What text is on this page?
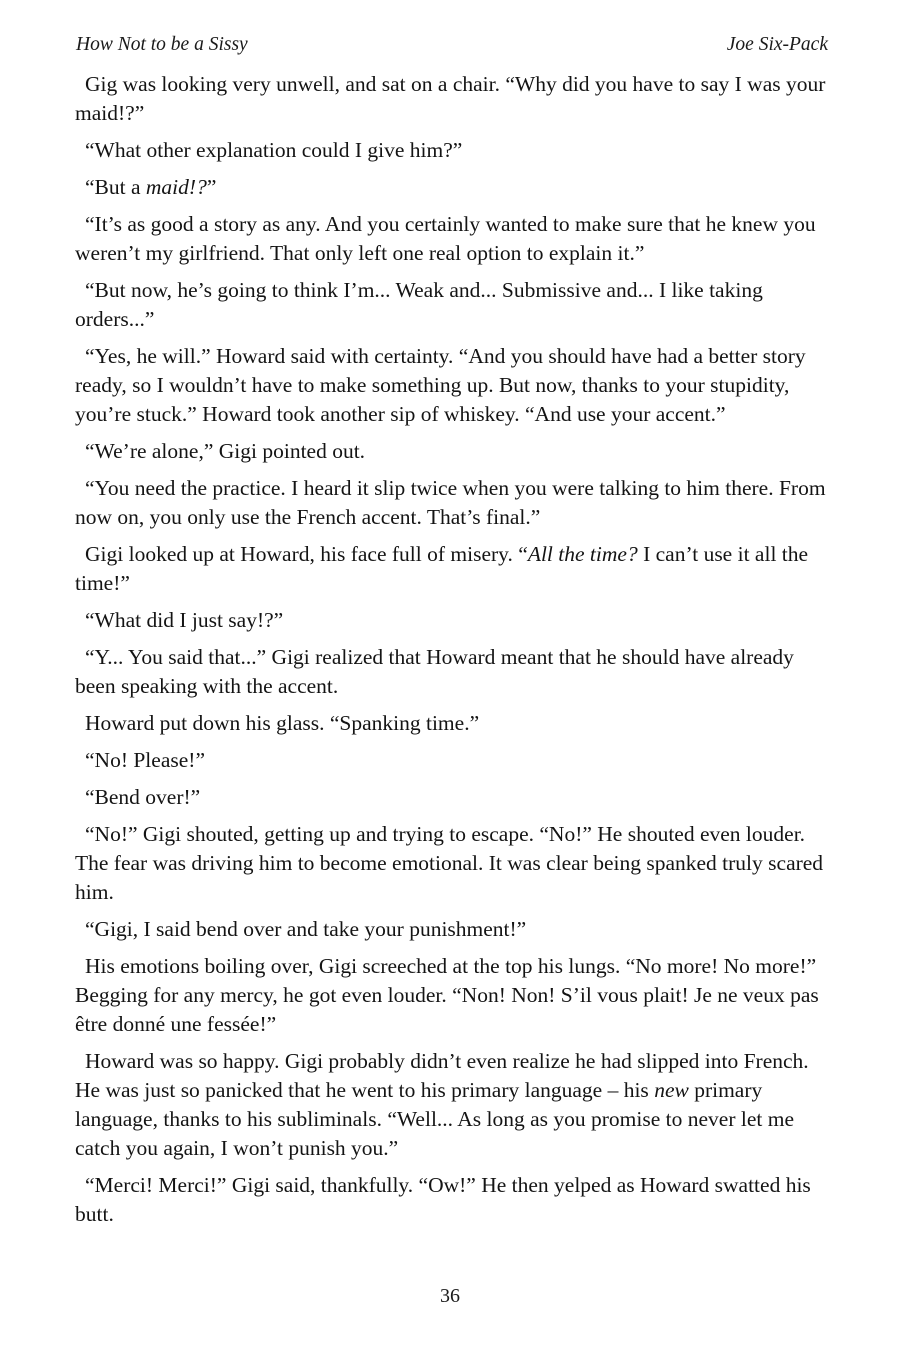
How Not to be a Sissy	Joe Six-Pack

Gig was looking very unwell, and sat on a chair. “Why did you have to say I was your maid!?”

“What other explanation could I give him?”

“But a maid!?”

“It’s as good a story as any. And you certainly wanted to make sure that he knew you weren’t my girlfriend. That only left one real option to explain it.”

“But now, he’s going to think I’m... Weak and... Submissive and... I like taking orders...”

“Yes, he will.” Howard said with certainty. “And you should have had a better story ready, so I wouldn’t have to make something up. But now, thanks to your stupidity, you’re stuck.” Howard took another sip of whiskey. “And use your accent.”

“We’re alone,” Gigi pointed out.

“You need the practice. I heard it slip twice when you were talking to him there. From now on, you only use the French accent. That’s final.”

Gigi looked up at Howard, his face full of misery. “All the time? I can’t use it all the time!”

“What did I just say!?”

“Y... You said that...” Gigi realized that Howard meant that he should have already been speaking with the accent.

Howard put down his glass. “Spanking time.”

“No! Please!”

“Bend over!”

“No!” Gigi shouted, getting up and trying to escape. “No!” He shouted even louder. The fear was driving him to become emotional. It was clear being spanked truly scared him.

“Gigi, I said bend over and take your punishment!”

His emotions boiling over, Gigi screeched at the top his lungs. “No more! No more!” Begging for any mercy, he got even louder. “Non! Non! S’il vous plait! Je ne veux pas être donné une fessée!”

Howard was so happy. Gigi probably didn’t even realize he had slipped into French. He was just so panicked that he went to his primary language – his new primary language, thanks to his subliminals. “Well... As long as you promise to never let me catch you again, I won’t punish you.”

“Merci! Merci!” Gigi said, thankfully. “Ow!” He then yelped as Howard swatted his butt.

36
